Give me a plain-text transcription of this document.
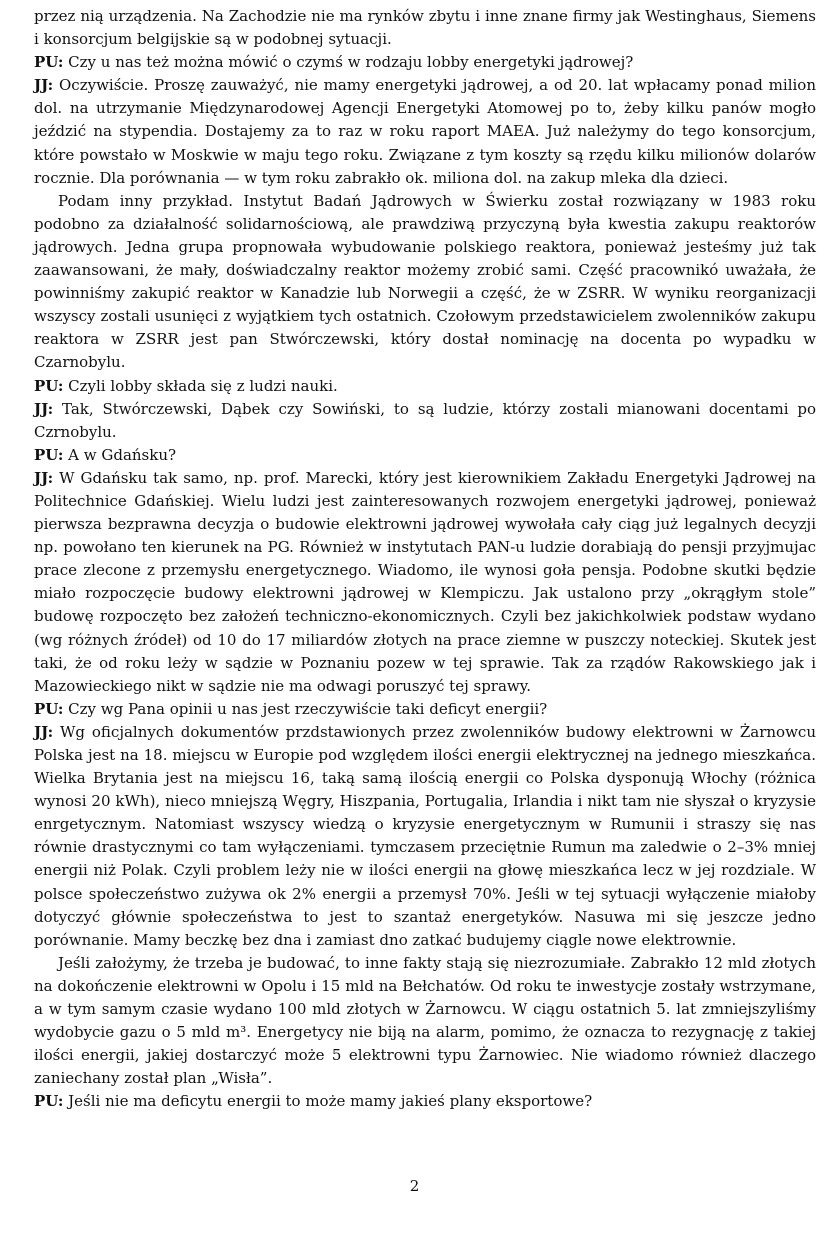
przez nią urządzenia. Na Zachodzie nie ma rynków zbytu i inne znane firmy jak Westinghaus, Siemens i konsorcjum belgijskie są w podobnej sytuacji.

PU: Czy u nas też można mówić o czymś w rodzaju lobby energetyki jądrowej?

JJ: Oczywiście. Proszę zauważyć, nie mamy energetyki jądrowej, a od 20. lat wpłacamy ponad milion dol. na utrzymanie Międzynarodowej Agencji Energetyki Atomowej po to, żeby kilku panów mogło jeździć na stypendia. Dostajemy za to raz w roku raport MAEA. Już należymy do tego konsorcjum, które powstało w Moskwie w maju tego roku. Związane z tym koszty są rzędu kilku milionów dolarów rocznie. Dla porównania — w tym roku zabrakło ok. miliona dol. na zakup mleka dla dzieci.

Podam inny przykład. Instytut Badań Jądrowych w Świerku został rozwiązany w 1983 roku podobno za działalność solidarnościową, ale prawdziwą przyczyną była kwestia zakupu reaktorów jądrowych. Jedna grupa propnowała wybudowanie polskiego reaktora, ponieważ jesteśmy już tak zaawansowani, że mały, doświadczalny reaktor możemy zrobić sami. Część pracownikó uważała, że powinniśmy zakupić reaktor w Kanadzie lub Norwegii a część, że w ZSRR. W wyniku reorganizacji wszyscy zostali usunięci z wyjątkiem tych ostatnich. Czołowym przedstawicielem zwolenników zakupu reaktora w ZSRR jest pan Stwórczewski, który dostał nominację na docenta po wypadku w Czarnobylu.

PU: Czyli lobby składa się z ludzi nauki.

JJ: Tak, Stwórczewski, Dąbek czy Sowiński, to są ludzie, którzy zostali mianowani docentami po Czrnobylu.

PU: A w Gdańsku?

JJ: W Gdańsku tak samo, np. prof. Marecki, który jest kierownikiem Zakładu Energetyki Jądrowej na Politechnice Gdańskiej. Wielu ludzi jest zainteresowanych rozwojem energetyki jądrowej, ponieważ pierwsza bezprawna decyzja o budowie elektrowni jądrowej wywołała cały ciąg już legalnych decyzji np. powołano ten kierunek na PG. Również w instytutach PAN-u ludzie dorabiają do pensji przyjmujac prace zlecone z przemysłu energetycznego. Wiadomo, ile wynosi goła pensja. Podobne skutki będzie miało rozpoczęcie budowy elektrowni jądrowej w Klempiczu. Jak ustalono przy „okrągłym stole” budowę rozpoczęto bez założeń techniczno-ekonomicznych. Czyli bez jakichkolwiek podstaw wydano (wg różnych źródeł) od 10 do 17 miliardów złotych na prace ziemne w puszczy noteckiej. Skutek jest taki, że od roku leży w sądzie w Poznaniu pozew w tej sprawie. Tak za rządów Rakowskiego jak i Mazowieckiego nikt w sądzie nie ma odwagi poruszyć tej sprawy.

PU: Czy wg Pana opinii u nas jest rzeczywiście taki deficyt energii?

JJ: Wg oficjalnych dokumentów przdstawionych przez zwolenników budowy elektrowni w Żarnowcu Polska jest na 18. miejscu w Europie pod względem ilości energii elektrycznej na jednego mieszkańca. Wielka Brytania jest na miejscu 16, taką samą ilością energii co Polska dysponują Włochy (różnica wynosi 20 kWh), nieco mniejszą Węgry, Hiszpania, Portugalia, Irlandia i nikt tam nie słyszał o kryzysie enrgetycznym. Natomiast wszyscy wiedzą o kryzysie energetycznym w Rumunii i straszy się nas równie drastycznymi co tam wyłączeniami. tymczasem przeciętnie Rumun ma zaledwie o 2–3% mniej energii niż Polak. Czyli problem leży nie w ilości energii na głowę mieszkańca lecz w jej rozdziale. W polsce społeczeństwo zużywa ok 2% energii a przemysł 70%. Jeśli w tej sytuacji wyłączenie miałoby dotyczyć głównie społeczeństwa to jest to szantaż energetyków. Nasuwa mi się jeszcze jedno porównanie. Mamy beczkę bez dna i zamiast dno zatkać budujemy ciągle nowe elektrownie.

Jeśli założymy, że trzeba je budować, to inne fakty stają się niezrozumiałe. Zabrakło 12 mld złotych na dokończenie elektrowni w Opolu i 15 mld na Bełchatów. Od roku te inwestycje zostały wstrzymane, a w tym samym czasie wydano 100 mld złotych w Żarnowcu. W ciągu ostatnich 5. lat zmniejszyliśmy wydobycie gazu o 5 mld m³. Energetycy nie biją na alarm, pomimo, że oznacza to rezygnację z takiej ilości energii, jakiej dostarczyć może 5 elektrowni typu Żarnowiec. Nie wiadomo również dlaczego zaniechany został plan „Wisła”.

PU: Jeśli nie ma deficytu energii to może mamy jakieś plany eksportowe?

2
